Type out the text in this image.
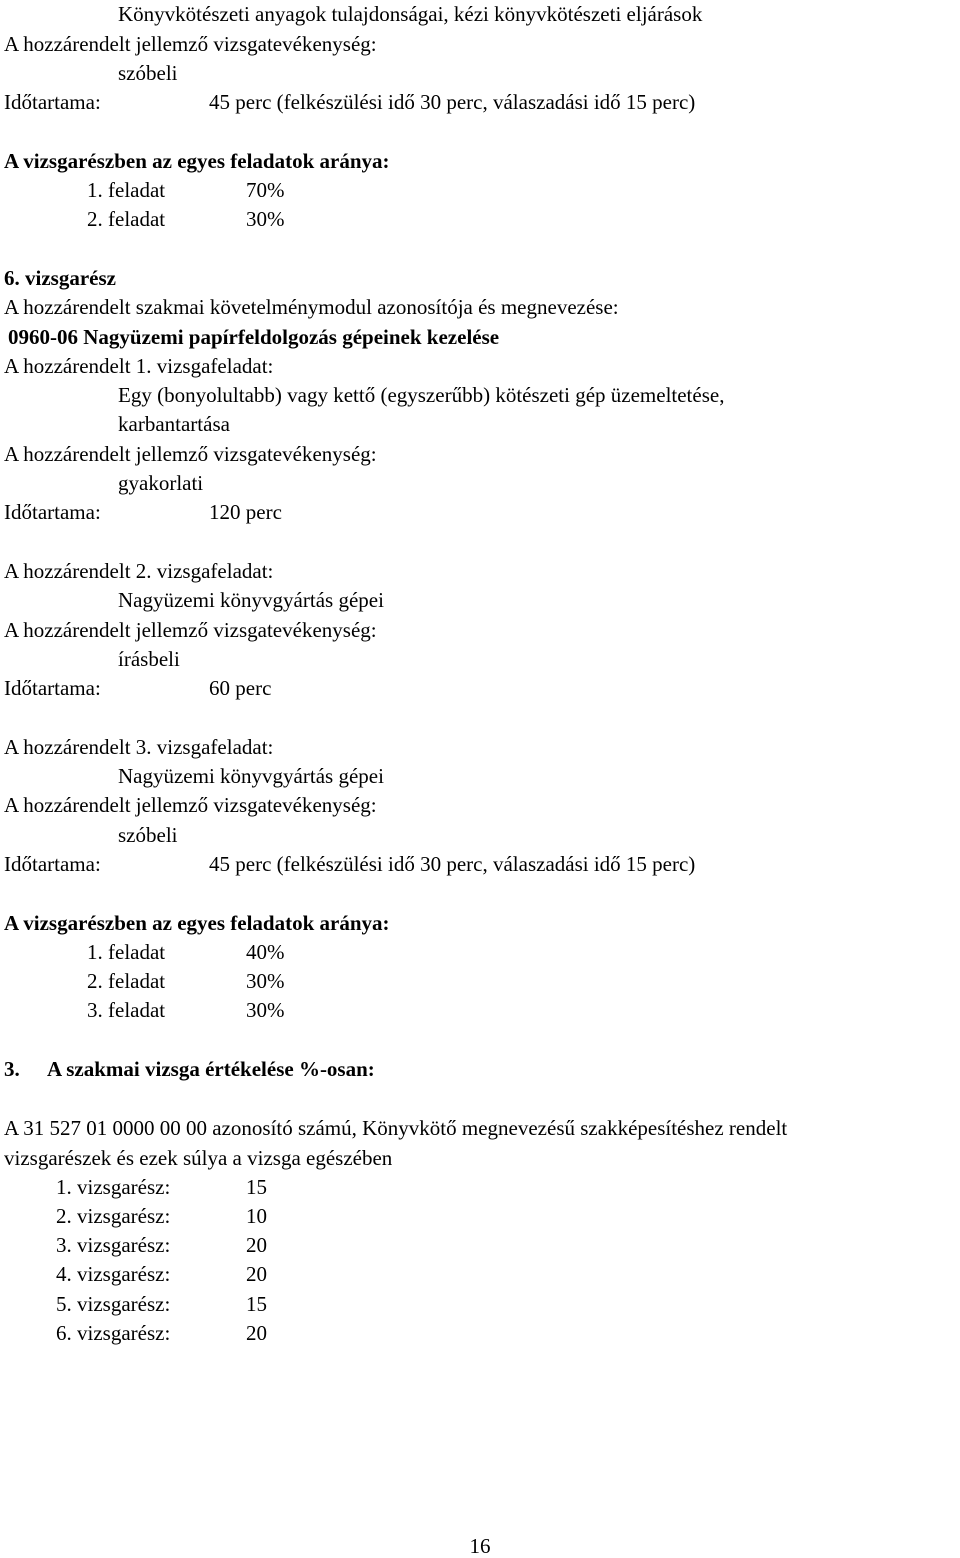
Könyvkötészeti anyagok tulajdonságai, kézi könyvkötészeti eljárások
A hozzárendelt jellemző vizsgatevékenység:
szóbeli
Időtartama:	45 perc (felkészülési idő 30 perc, válaszadási idő 15 perc)
A vizsgarészben az egyes feladatok aránya:
1. feladat	70%
2. feladat	30%
6. vizsgarész
A hozzárendelt szakmai követelménymodul azonosítója és megnevezése:
0960-06 Nagyüzemi papírfeldolgozás gépeinek kezelése
A hozzárendelt 1. vizsgafeladat:
Egy (bonyolultabb) vagy kettő (egyszerűbb) kötészeti gép üzemeltetése,
karbantartása
A hozzárendelt jellemző vizsgatevékenység:
gyakorlati
Időtartama:	120 perc
A hozzárendelt 2. vizsgafeladat:
Nagyüzemi könyvgyártás gépei
A hozzárendelt jellemző vizsgatevékenység:
írásbeli
Időtartama:	60 perc
A hozzárendelt 3. vizsgafeladat:
Nagyüzemi könyvgyártás gépei
A hozzárendelt jellemző vizsgatevékenység:
szóbeli
Időtartama:	45 perc (felkészülési idő 30 perc, válaszadási idő 15 perc)
A vizsgarészben az egyes feladatok aránya:
1. feladat	40%
2. feladat	30%
3. feladat	30%
3. A szakmai vizsga értékelése %-osan:
A 31 527 01 0000 00 00 azonosító számú, Könyvkötő megnevezésű szakképesítéshez rendelt
vizsgarészek és ezek súlya a vizsga egészében
1. vizsgarész:	15
2. vizsgarész:	10
3. vizsgarész:	20
4. vizsgarész:	20
5. vizsgarész:	15
6. vizsgarész:	20
16
